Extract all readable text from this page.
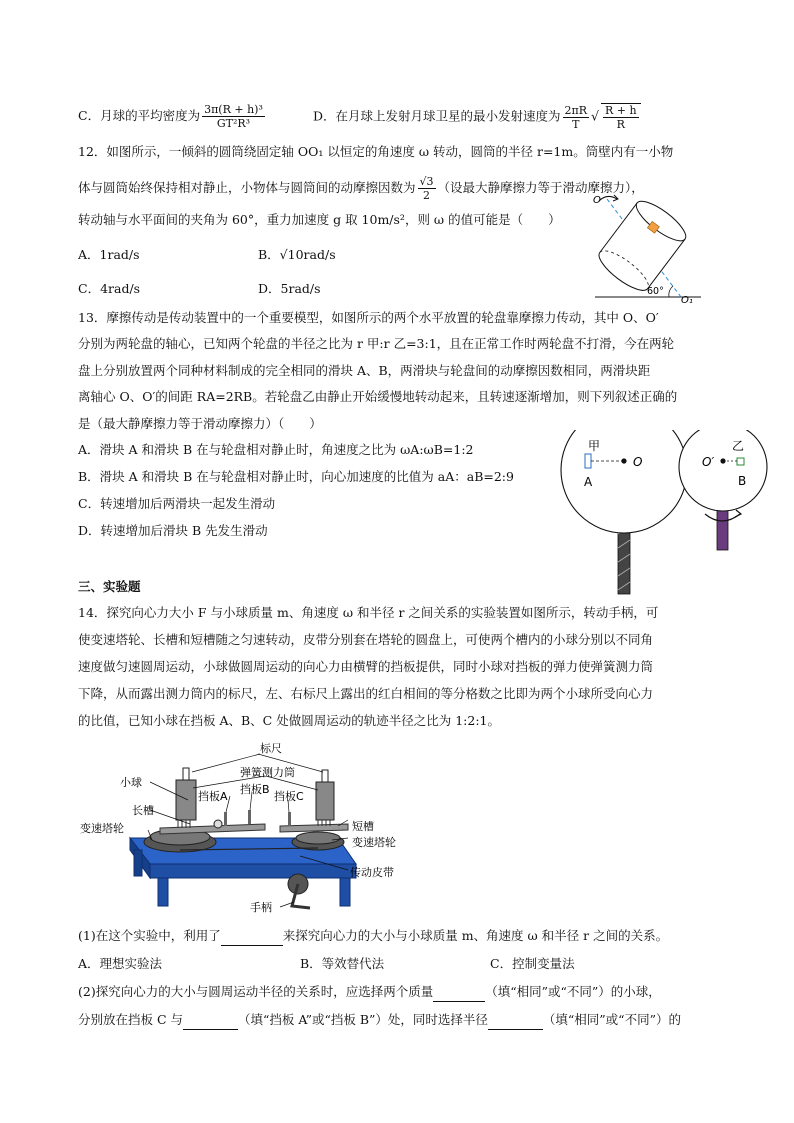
C．月球的平均密度为 $\frac{\text{3π(R + h)³}}{\text{GT²R³}}$	D．在月球上发射月球卫星的最小发射速度为 $\frac{2\pi R}{T}$ √ $\frac{R + h}{R}$
12．如图所示，一倾斜的圆筒绕固定轴 OO₁ 以恒定的角速度 ω 转动，圆筒的半径 r=1m。筒壁内有一小物
体与圆筒始终保持相对静止，小物体与圆筒间的动摩擦因数为 $\frac{√3}{2}$ （设最大静摩擦力等于滑动摩擦力），
转动轴与水平面间的夹角为 60°，重力加速度 g 取 10m/s²，则 ω 的值可能是（　　）
A．1rad/s	B．√10rad/s
C．4rad/s	D．5rad/s
O
60°
O₁
13．摩擦传动是传动装置中的一个重要模型，如图所示的两个水平放置的轮盘靠摩擦力传动，其中 O、O′
分别为两轮盘的轴心，已知两个轮盘的半径之比为 r 甲:r 乙=3:1，且在正常工作时两轮盘不打滑，今在两轮
盘上分别放置两个同种材料制成的完全相同的滑块 A、B，两滑块与轮盘间的动摩擦因数相同，两滑块距
离轴心 O、O′的间距 RA=2RB。若轮盘乙由静止开始缓慢地转动起来，且转速逐渐增加，则下列叙述正确的
是（最大静摩擦力等于滑动摩擦力）（　　）
A．滑块 A 和滑块 B 在与轮盘相对静止时，角速度之比为 ωA:ωB=1:2
B．滑块 A 和滑块 B 在与轮盘相对静止时，向心加速度的比值为 aA：aB=2:9
C．转速增加后两滑块一起发生滑动
D．转速增加后滑块 B 先发生滑动
甲
A
O
乙
O′
B
三、实验题
14．探究向心力大小 F 与小球质量 m、角速度 ω 和半径 r 之间关系的实验装置如图所示，转动手柄，可
使变速塔轮、长槽和短槽随之匀速转动，皮带分别套在塔轮的圆盘上，可使两个槽内的小球分别以不同角
速度做匀速圆周运动，小球做圆周运动的向心力由横臂的挡板提供，同时小球对挡板的弹力使弹簧测力筒
下降，从而露出测力筒内的标尺，左、右标尺上露出的红白相间的等分格数之比即为两个小球所受向心力
的比值，已知小球在挡板 A、B、C 处做圆周运动的轨迹半径之比为 1:2:1。
标尺
弹簧测力筒
小球
挡板B
挡板A	挡板C
长槽
变速塔轮	短槽
变速塔轮
传动皮带
手柄
(1)在这个实验中，利用了	来探究向心力的大小与小球质量 m、角速度 ω 和半径 r 之间的关系。
A．理想实验法	B．等效替代法	C．控制变量法
(2)探究向心力的大小与圆周运动半径的关系时，应选择两个质量	（填“相同”或“不同”）的小球，
分别放在挡板 C 与	（填“挡板 A”或“挡板 B”）处，同时选择半径	（填“相同”或“不同”）的
